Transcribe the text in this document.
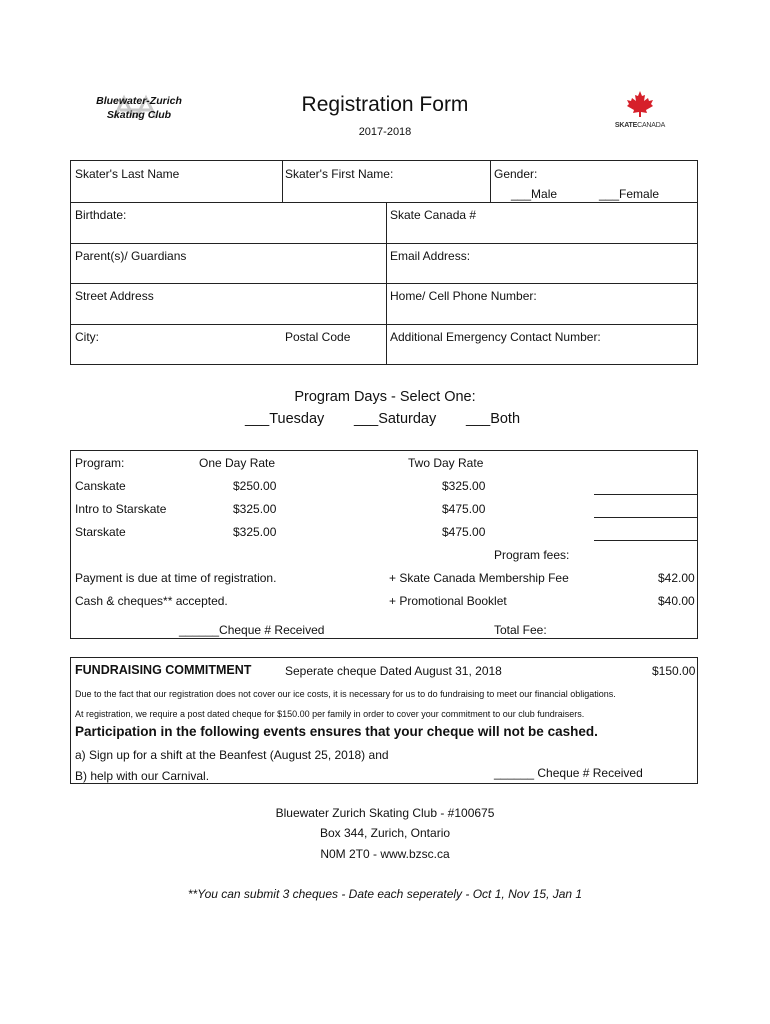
Bluewater-Zurich
Skating Club	Registration Form
2017-2018
SKATECANADA
Skater's Last Name	Skater's First Name:	Gender:
___Male	___Female
Birthdate:	Skate Canada #
Parent(s)/ Guardians	Email Address:
Street Address	Home/ Cell Phone Number:
City:	Postal Code	Additional Emergency Contact Number:
Program Days - Select One:
___Tuesday ___Saturday ___Both
Program:	One Day Rate	Two Day Rate
Canskate	$250.00	$325.00
Intro to Starskate	$325.00	$475.00
Starskate	$325.00	$475.00
Program fees:
Payment is due at time of registration.	+ Skate Canada Membership Fee	$42.00
Cash & cheques** accepted.	+ Promotional Booklet	$40.00
______Cheque # Received	Total Fee:
FUNDRAISING COMMITMENT	Seperate cheque Dated August 31, 2018	$150.00
Due to the fact that our registration does not cover our ice costs, it is necessary for us to do fundraising to meet our financial obligations.
At registration, we require a post dated cheque for $150.00 per family in order to cover your commitment to our club fundraisers.
Participation in the following events ensures that your cheque will not be cashed.
a) Sign up for a shift at the Beanfest (August 25, 2018) and
B) help with our Carnival.	______ Cheque # Received
Bluewater Zurich Skating Club - #100675
Box 344, Zurich, Ontario
N0M 2T0 - www.bzsc.ca
**You can submit 3 cheques - Date each seperately - Oct 1, Nov 15, Jan 1
